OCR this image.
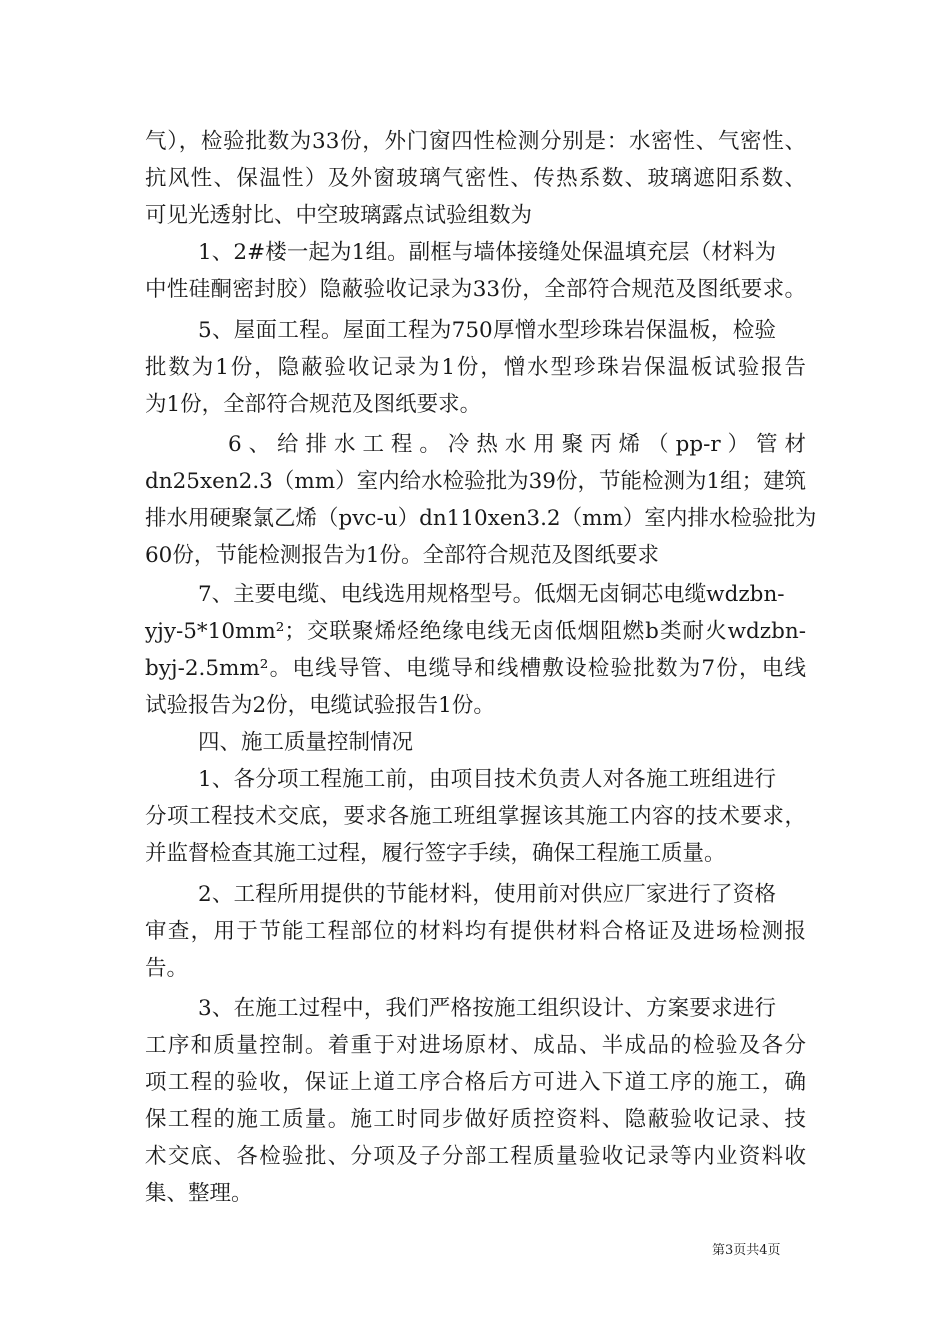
气），检验批数为33份，外门窗四性检测分别是：水密性、气密性、
抗风性、保温性）及外窗玻璃气密性、传热系数、玻璃遮阳系数、
可见光透射比、中空玻璃露点试验组数为
1、2#楼一起为1组。副框与墙体接缝处保温填充层（材料为
中性硅酮密封胶）隐蔽验收记录为33份，全部符合规范及图纸要求。
5、屋面工程。屋面工程为750厚憎水型珍珠岩保温板，检验
批数为1份，隐蔽验收记录为1份，憎水型珍珠岩保温板试验报告
为1份，全部符合规范及图纸要求。
6 、 给 排 水 工 程 。 冷 热 水 用 聚 丙 烯 （ pp-r ） 管 材
dn25xen2.3（mm）室内给水检验批为39份，节能检测为1组；建筑
排水用硬聚氯乙烯（pvc-u）dn110xen3.2（mm）室内排水检验批为
60份，节能检测报告为1份。全部符合规范及图纸要求
7、主要电缆、电线选用规格型号。低烟无卤铜芯电缆wdzbn-
yjy-5*10mm²；交联聚烯烃绝缘电线无卤低烟阻燃b类耐火wdzbn-
byj-2.5mm²。电线导管、电缆导和线槽敷设检验批数为7份，电线
试验报告为2份，电缆试验报告1份。
四、施工质量控制情况
1、各分项工程施工前，由项目技术负责人对各施工班组进行
分项工程技术交底，要求各施工班组掌握该其施工内容的技术要求，
并监督检查其施工过程，履行签字手续，确保工程施工质量。
2、工程所用提供的节能材料，使用前对供应厂家进行了资格
审查，用于节能工程部位的材料均有提供材料合格证及进场检测报
告。
3、在施工过程中，我们严格按施工组织设计、方案要求进行
工序和质量控制。着重于对进场原材、成品、半成品的检验及各分
项工程的验收，保证上道工序合格后方可进入下道工序的施工，确
保工程的施工质量。施工时同步做好质控资料、隐蔽验收记录、技
术交底、各检验批、分项及子分部工程质量验收记录等内业资料收
集、整理。
第3页共4页
